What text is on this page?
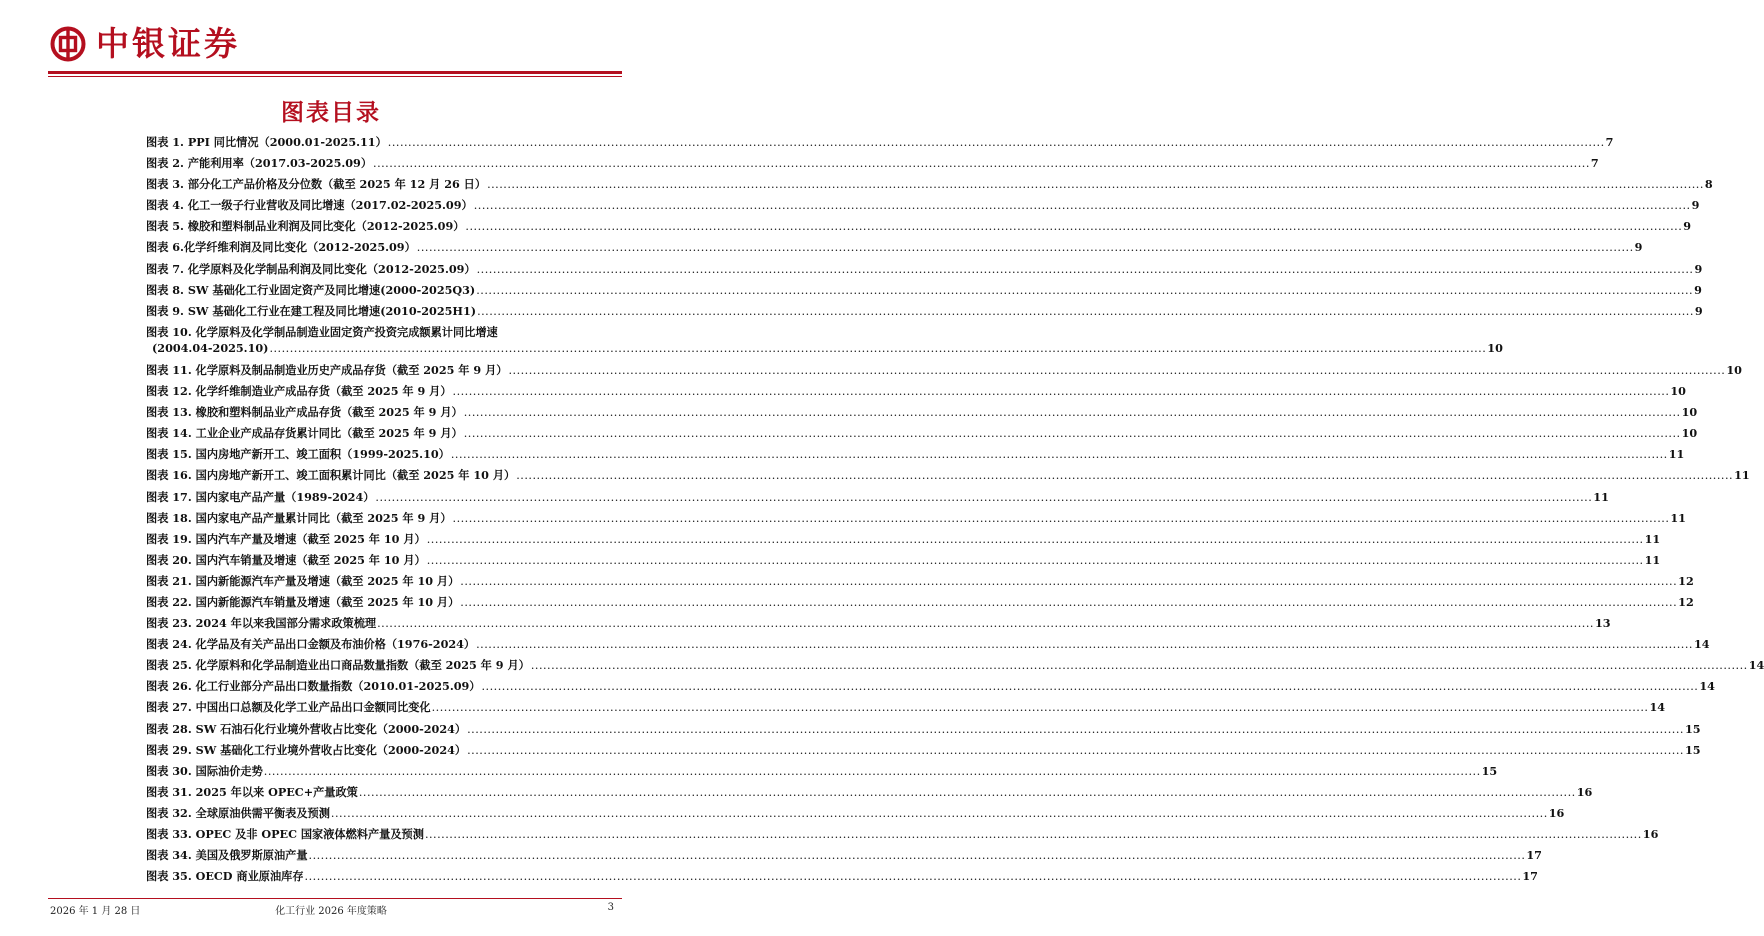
中银证券
图表目录
图表 1. PPI 同比情况（2000.01-2025.11） .....	7
图表 2. 产能利用率（2017.03-2025.09） .....	7
图表 3. 部分化工产品价格及分位数（截至 2025 年 12 月 26 日） .....	8
图表 4. 化工一级子行业营收及同比增速（2017.02-2025.09） .....	9
图表 5. 橡胶和塑料制品业利润及同比变化（2012-2025.09） .....	9
图表 6.化学纤维利润及同比变化（2012-2025.09） .....	9
图表 7. 化学原料及化学制品利润及同比变化（2012-2025.09） .....	9
图表 8. SW 基础化工行业固定资产及同比增速(2000-2025Q3) .....	9
图表 9. SW 基础化工行业在建工程及同比增速(2010-2025H1) .....	9
图表 10. 化学原料及化学制品制造业固定资产投资完成额累计同比增速
(2004.04-2025.10) .....	10
图表 11. 化学原料及制品制造业历史产成品存货（截至 2025 年 9 月） .....	10
图表 12. 化学纤维制造业产成品存货（截至 2025 年 9 月） .....	10
图表 13. 橡胶和塑料制品业产成品存货（截至 2025 年 9 月） .....	10
图表 14. 工业企业产成品存货累计同比（截至 2025 年 9 月） .....	10
图表 15. 国内房地产新开工、竣工面积（1999-2025.10） .....	11
图表 16. 国内房地产新开工、竣工面积累计同比（截至 2025 年 10 月） .....	11
图表 17. 国内家电产品产量（1989-2024） .....	11
图表 18. 国内家电产品产量累计同比（截至 2025 年 9 月） .....	11
图表 19. 国内汽车产量及增速（截至 2025 年 10 月） .....	11
图表 20. 国内汽车销量及增速（截至 2025 年 10 月） .....	11
图表 21. 国内新能源汽车产量及增速（截至 2025 年 10 月） .....	12
图表 22. 国内新能源汽车销量及增速（截至 2025 年 10 月） .....	12
图表 23. 2024 年以来我国部分需求政策梳理 .....	13
图表 24. 化学品及有关产品出口金额及布油价格（1976-2024） .....	14
图表 25. 化学原料和化学品制造业出口商品数量指数（截至 2025 年 9 月） .....	14
图表 26. 化工行业部分产品出口数量指数（2010.01-2025.09） .....	14
图表 27. 中国出口总额及化学工业产品出口金额同比变化 .....	14
图表 28. SW 石油石化行业境外营收占比变化（2000-2024） .....	15
图表 29. SW 基础化工行业境外营收占比变化（2000-2024） .....	15
图表 30. 国际油价走势 .....	15
图表 31. 2025 年以来 OPEC+产量政策 .....	16
图表 32. 全球原油供需平衡表及预测 .....	16
图表 33. OPEC 及非 OPEC 国家液体燃料产量及预测 .....	16
图表 34. 美国及俄罗斯原油产量 .....	17
图表 35. OECD 商业原油库存 .....	17
2026 年 1 月 28 日	化工行业 2026 年度策略	3
